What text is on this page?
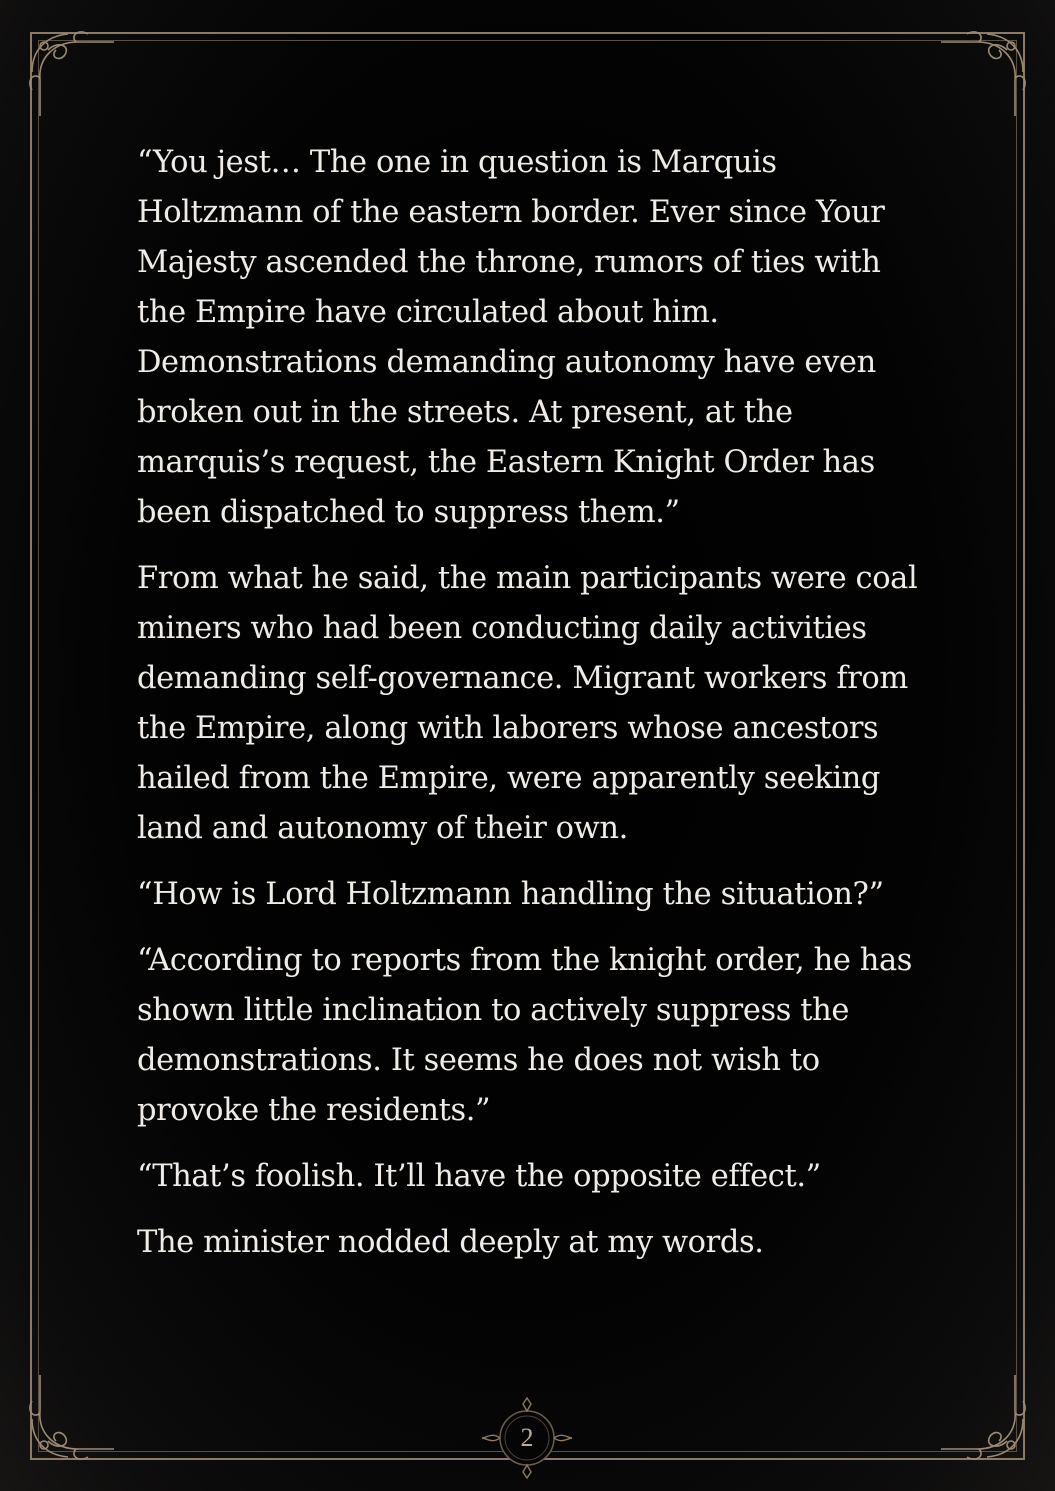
“You jest… The one in question is Marquis Holtzmann of the eastern border. Ever since Your Majesty ascended the throne, rumors of ties with the Empire have circulated about him. Demonstrations demanding autonomy have even broken out in the streets. At present, at the marquis’s request, the Eastern Knight Order has been dispatched to suppress them.”

From what he said, the main participants were coal miners who had been conducting daily activities demanding self-governance. Migrant workers from the Empire, along with laborers whose ancestors hailed from the Empire, were apparently seeking land and autonomy of their own.

“How is Lord Holtzmann handling the situation?”

“According to reports from the knight order, he has shown little inclination to actively suppress the demonstrations. It seems he does not wish to provoke the residents.”

“That’s foolish. It’ll have the opposite effect.”

The minister nodded deeply at my words.

2
